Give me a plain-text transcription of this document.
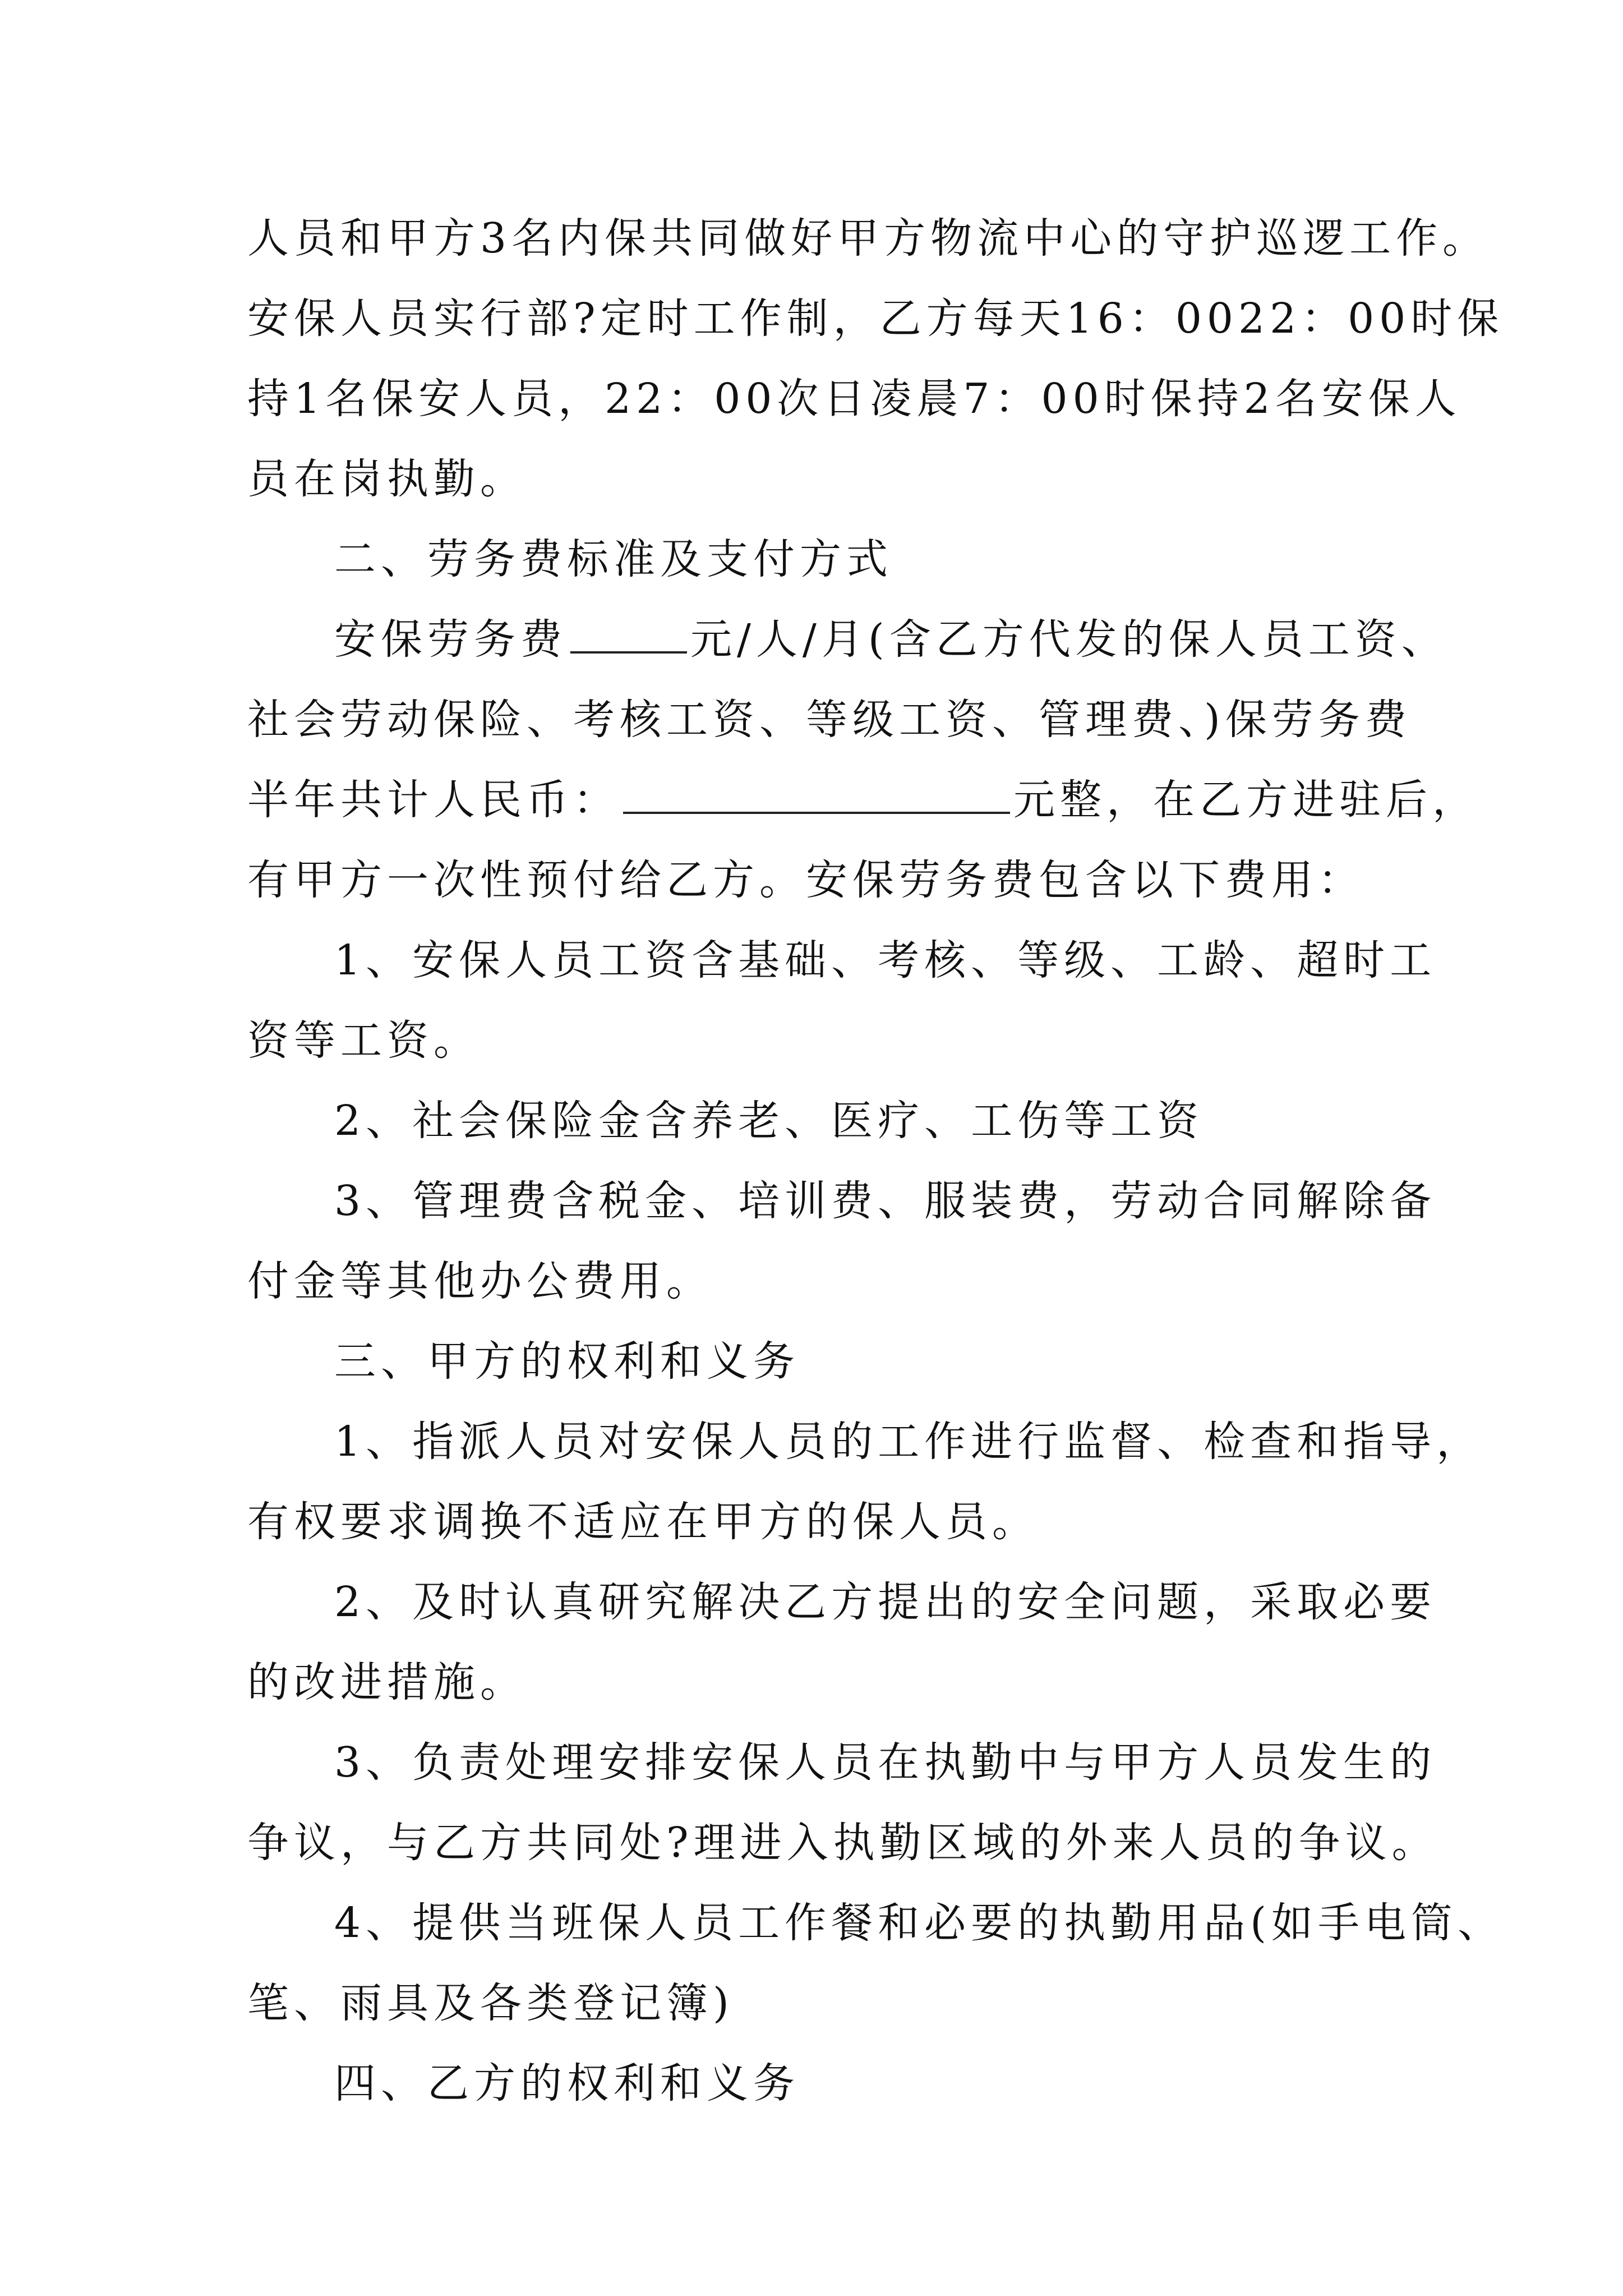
人员和甲方3名内保共同做好甲方物流中心的守护巡逻工作。
安保人员实行部?定时工作制，乙方每天16：0022：00时保
持1名保安人员，22：00次日凌晨7：00时保持2名安保人
员在岗执勤。
二、劳务费标准及支付方式
安保劳务费	元/人/月(含乙方代发的保人员工资、
社会劳动保险、考核工资、等级工资、管理费、)保劳务费
半年共计人民币：	元整，在乙方进驻后，
有甲方一次性预付给乙方。安保劳务费包含以下费用：
1、安保人员工资含基础、考核、等级、工龄、超时工
资等工资。
2、社会保险金含养老、医疗、工伤等工资
3、管理费含税金、培训费、服装费，劳动合同解除备
付金等其他办公费用。
三、甲方的权利和义务
1、指派人员对安保人员的工作进行监督、检查和指导，
有权要求调换不适应在甲方的保人员。
2、及时认真研究解决乙方提出的安全问题，采取必要
的改进措施。
3、负责处理安排安保人员在执勤中与甲方人员发生的
争议，与乙方共同处?理进入执勤区域的外来人员的争议。
4、提供当班保人员工作餐和必要的执勤用品(如手电筒、
笔、雨具及各类登记簿)
四、乙方的权利和义务
